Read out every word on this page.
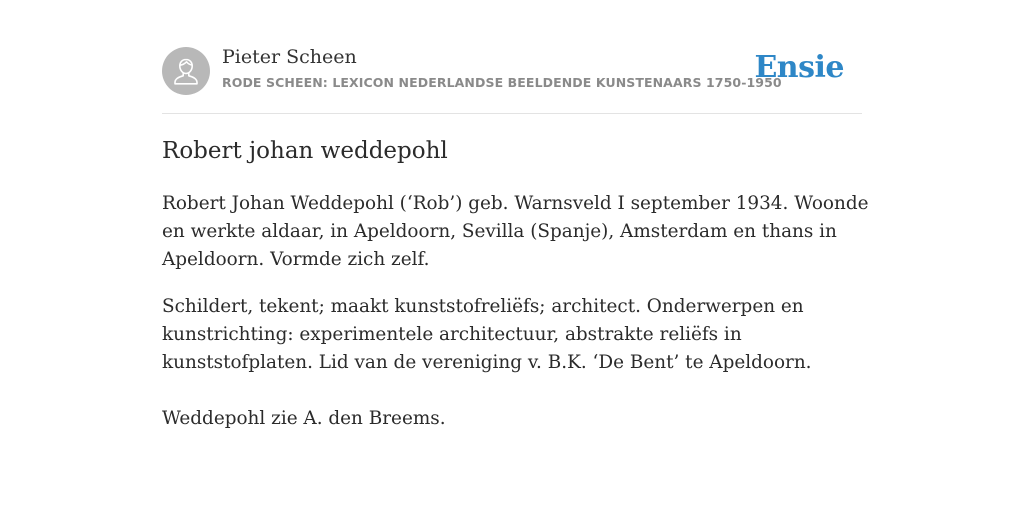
Pieter Scheen
RODE SCHEEN: LEXICON NEDERLANDSE BEELDENDE KUNSTENAARS 1750-1950
Ensie
Robert johan weddepohl

Robert Johan Weddepohl (‘Rob’) geb. Warnsveld I september 1934. Woonde en werkte aldaar, in Apeldoorn, Sevilla (Spanje), Amsterdam en thans in Apeldoorn. Vormde zich zelf.

Schildert, tekent; maakt kunststofreliëfs; architect. Onderwerpen en kunstrichting: experimentele architectuur, abstrakte reliëfs in kunststofplaten. Lid van de vereniging v. B.K. ‘De Bent’ te Apeldoorn.

Weddepohl zie A. den Breems.
